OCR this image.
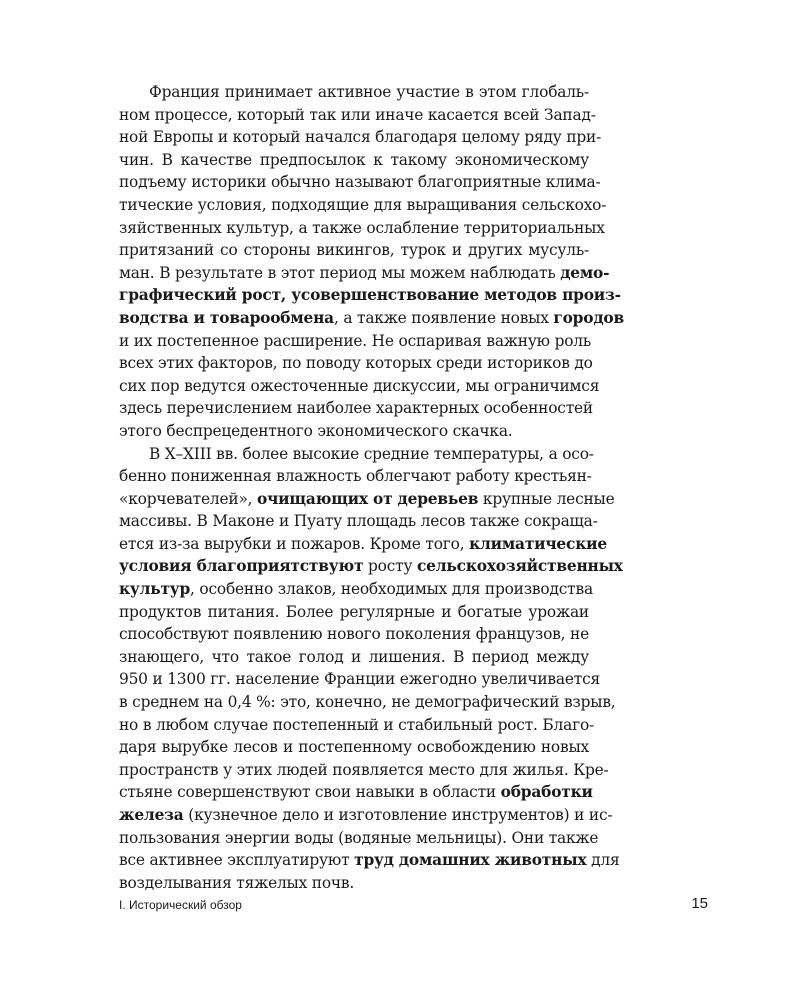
Франция принимает активное участие в этом глобаль-
ном процессе, который так или иначе касается всей Запад-
ной Европы и который начался благодаря целому ряду при-
чин. В качестве предпосылок к такому экономическому
подъему историки обычно называют благоприятные клима-
тические условия, подходящие для выращивания сельскохо-
зяйственных культур, а также ослабление территориальных
притязаний со стороны викингов, турок и других мусуль-
ман. В результате в этот период мы можем наблюдать демо-
графический рост, усовершенствование методов произ-
водства и товарообмена, а также появление новых городов
и их постепенное расширение. Не оспаривая важную роль
всех этих факторов, по поводу которых среди историков до
сих пор ведутся ожесточенные дискуссии, мы ограничимся
здесь перечислением наиболее характерных особенностей
этого беспрецедентного экономического скачка.
В X–XIII вв. более высокие средние температуры, а осо-
бенно пониженная влажность облегчают работу крестьян-
«корчевателей», очищающих от деревьев крупные лесные
массивы. В Маконе и Пуату площадь лесов также сокраща-
ется из-за вырубки и пожаров. Кроме того, климатические
условия благоприятствуют росту сельскохозяйственных
культур, особенно злаков, необходимых для производства
продуктов питания. Более регулярные и богатые урожаи
способствуют появлению нового поколения французов, не
знающего, что такое голод и лишения. В период между
950 и 1300 гг. население Франции ежегодно увеличивается
в среднем на 0,4 %: это, конечно, не демографический взрыв,
но в любом случае постепенный и стабильный рост. Благо-
даря вырубке лесов и постепенному освобождению новых
пространств у этих людей появляется место для жилья. Кре-
стьяне совершенствуют свои навыки в области обработки
железа (кузнечное дело и изготовление инструментов) и ис-
пользования энергии воды (водяные мельницы). Они также
все активнее эксплуатируют труд домашних животных для
возделывания тяжелых почв.
I. Исторический обзор	15
